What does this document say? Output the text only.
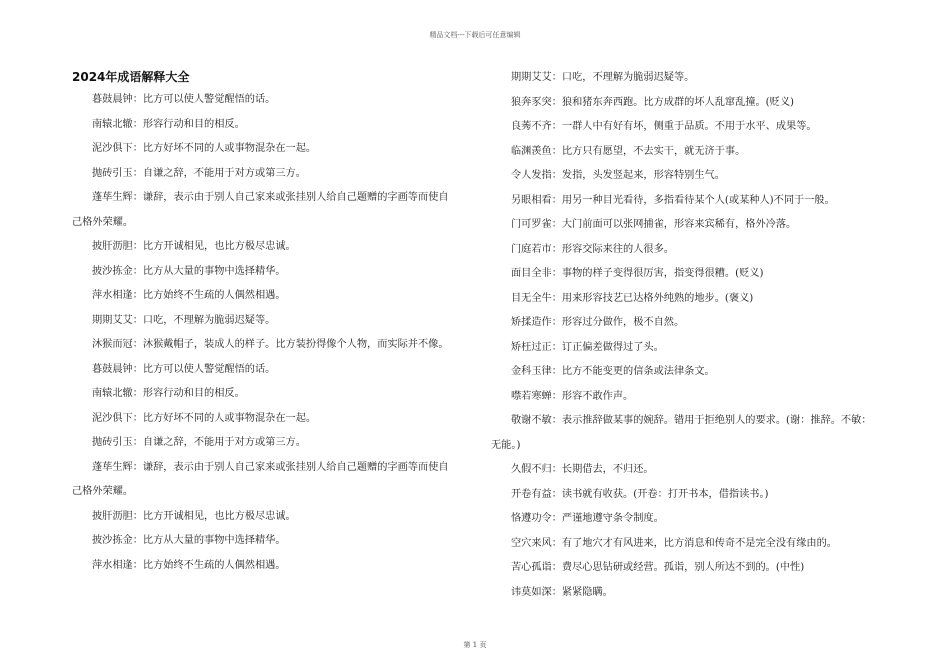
精品文档---下载后可任意编辑
2024年成语解释大全

暮鼓晨钟：比方可以使人警觉醒悟的话。

南辕北辙：形容行动和目的相反。

泥沙俱下：比方好坏不同的人或事物混杂在一起。

抛砖引玉：自谦之辞，不能用于对方或第三方。

蓬荜生辉：谦辞，表示由于别人自己家来或张挂别人给自己题赠的字画等而使自己格外荣耀。

披肝沥胆：比方开诚相见，也比方极尽忠诚。

披沙拣金：比方从大量的事物中选择精华。

萍水相逢：比方始终不生疏的人偶然相遇。

期期艾艾：口吃，不理解为脆弱迟疑等。

沐猴而冠：沐猴戴帽子，装成人的样子。比方装扮得像个人物，而实际并不像。

暮鼓晨钟：比方可以使人警觉醒悟的话。

南辕北辙：形容行动和目的相反。

泥沙俱下：比方好坏不同的人或事物混杂在一起。

抛砖引玉：自谦之辞，不能用于对方或第三方。

蓬荜生辉：谦辞，表示由于别人自己家来或张挂别人给自己题赠的字画等而使自己格外荣耀。

披肝沥胆：比方开诚相见，也比方极尽忠诚。

披沙拣金：比方从大量的事物中选择精华。

萍水相逢：比方始终不生疏的人偶然相遇。

期期艾艾：口吃，不理解为脆弱迟疑等。

狼奔豕突：狼和猪东奔西跑。比方成群的坏人乱窜乱撞。(贬义)

良莠不齐：一群人中有好有坏，侧重于品质。不用于水平、成果等。

临渊羡鱼：比方只有愿望，不去实干，就无济于事。

令人发指：发指，头发竖起来，形容特别生气。

另眼相看：用另一种目光看待，多指看待某个人(或某种人)不同于一般。

门可罗雀：大门前面可以张网捕雀，形容来宾稀有，格外冷落。

门庭若市：形容交际来往的人很多。

面目全非：事物的样子变得很厉害，指变得很糟。(贬义)

目无全牛：用来形容技艺已达格外纯熟的地步。(褒义)

矫揉造作：形容过分做作，极不自然。

矫枉过正：订正偏差做得过了头。

金科玉律：比方不能变更的信条或法律条文。

噤若寒蝉：形容不敢作声。

敬谢不敏：表示推辞做某事的婉辞。错用于拒绝别人的要求。(谢：推辞。不敏：无能。)

久假不归：长期借去，不归还。

开卷有益：读书就有收获。(开卷：打开书本，借指读书。)

恪遵功令：严谨地遵守条令制度。

空穴来风：有了地穴才有风进来，比方消息和传奇不是完全没有缘由的。

苦心孤诣：费尽心思钻研或经营。孤诣，别人所达不到的。(中性)

讳莫如深：紧紧隐瞒。

第 1 页
